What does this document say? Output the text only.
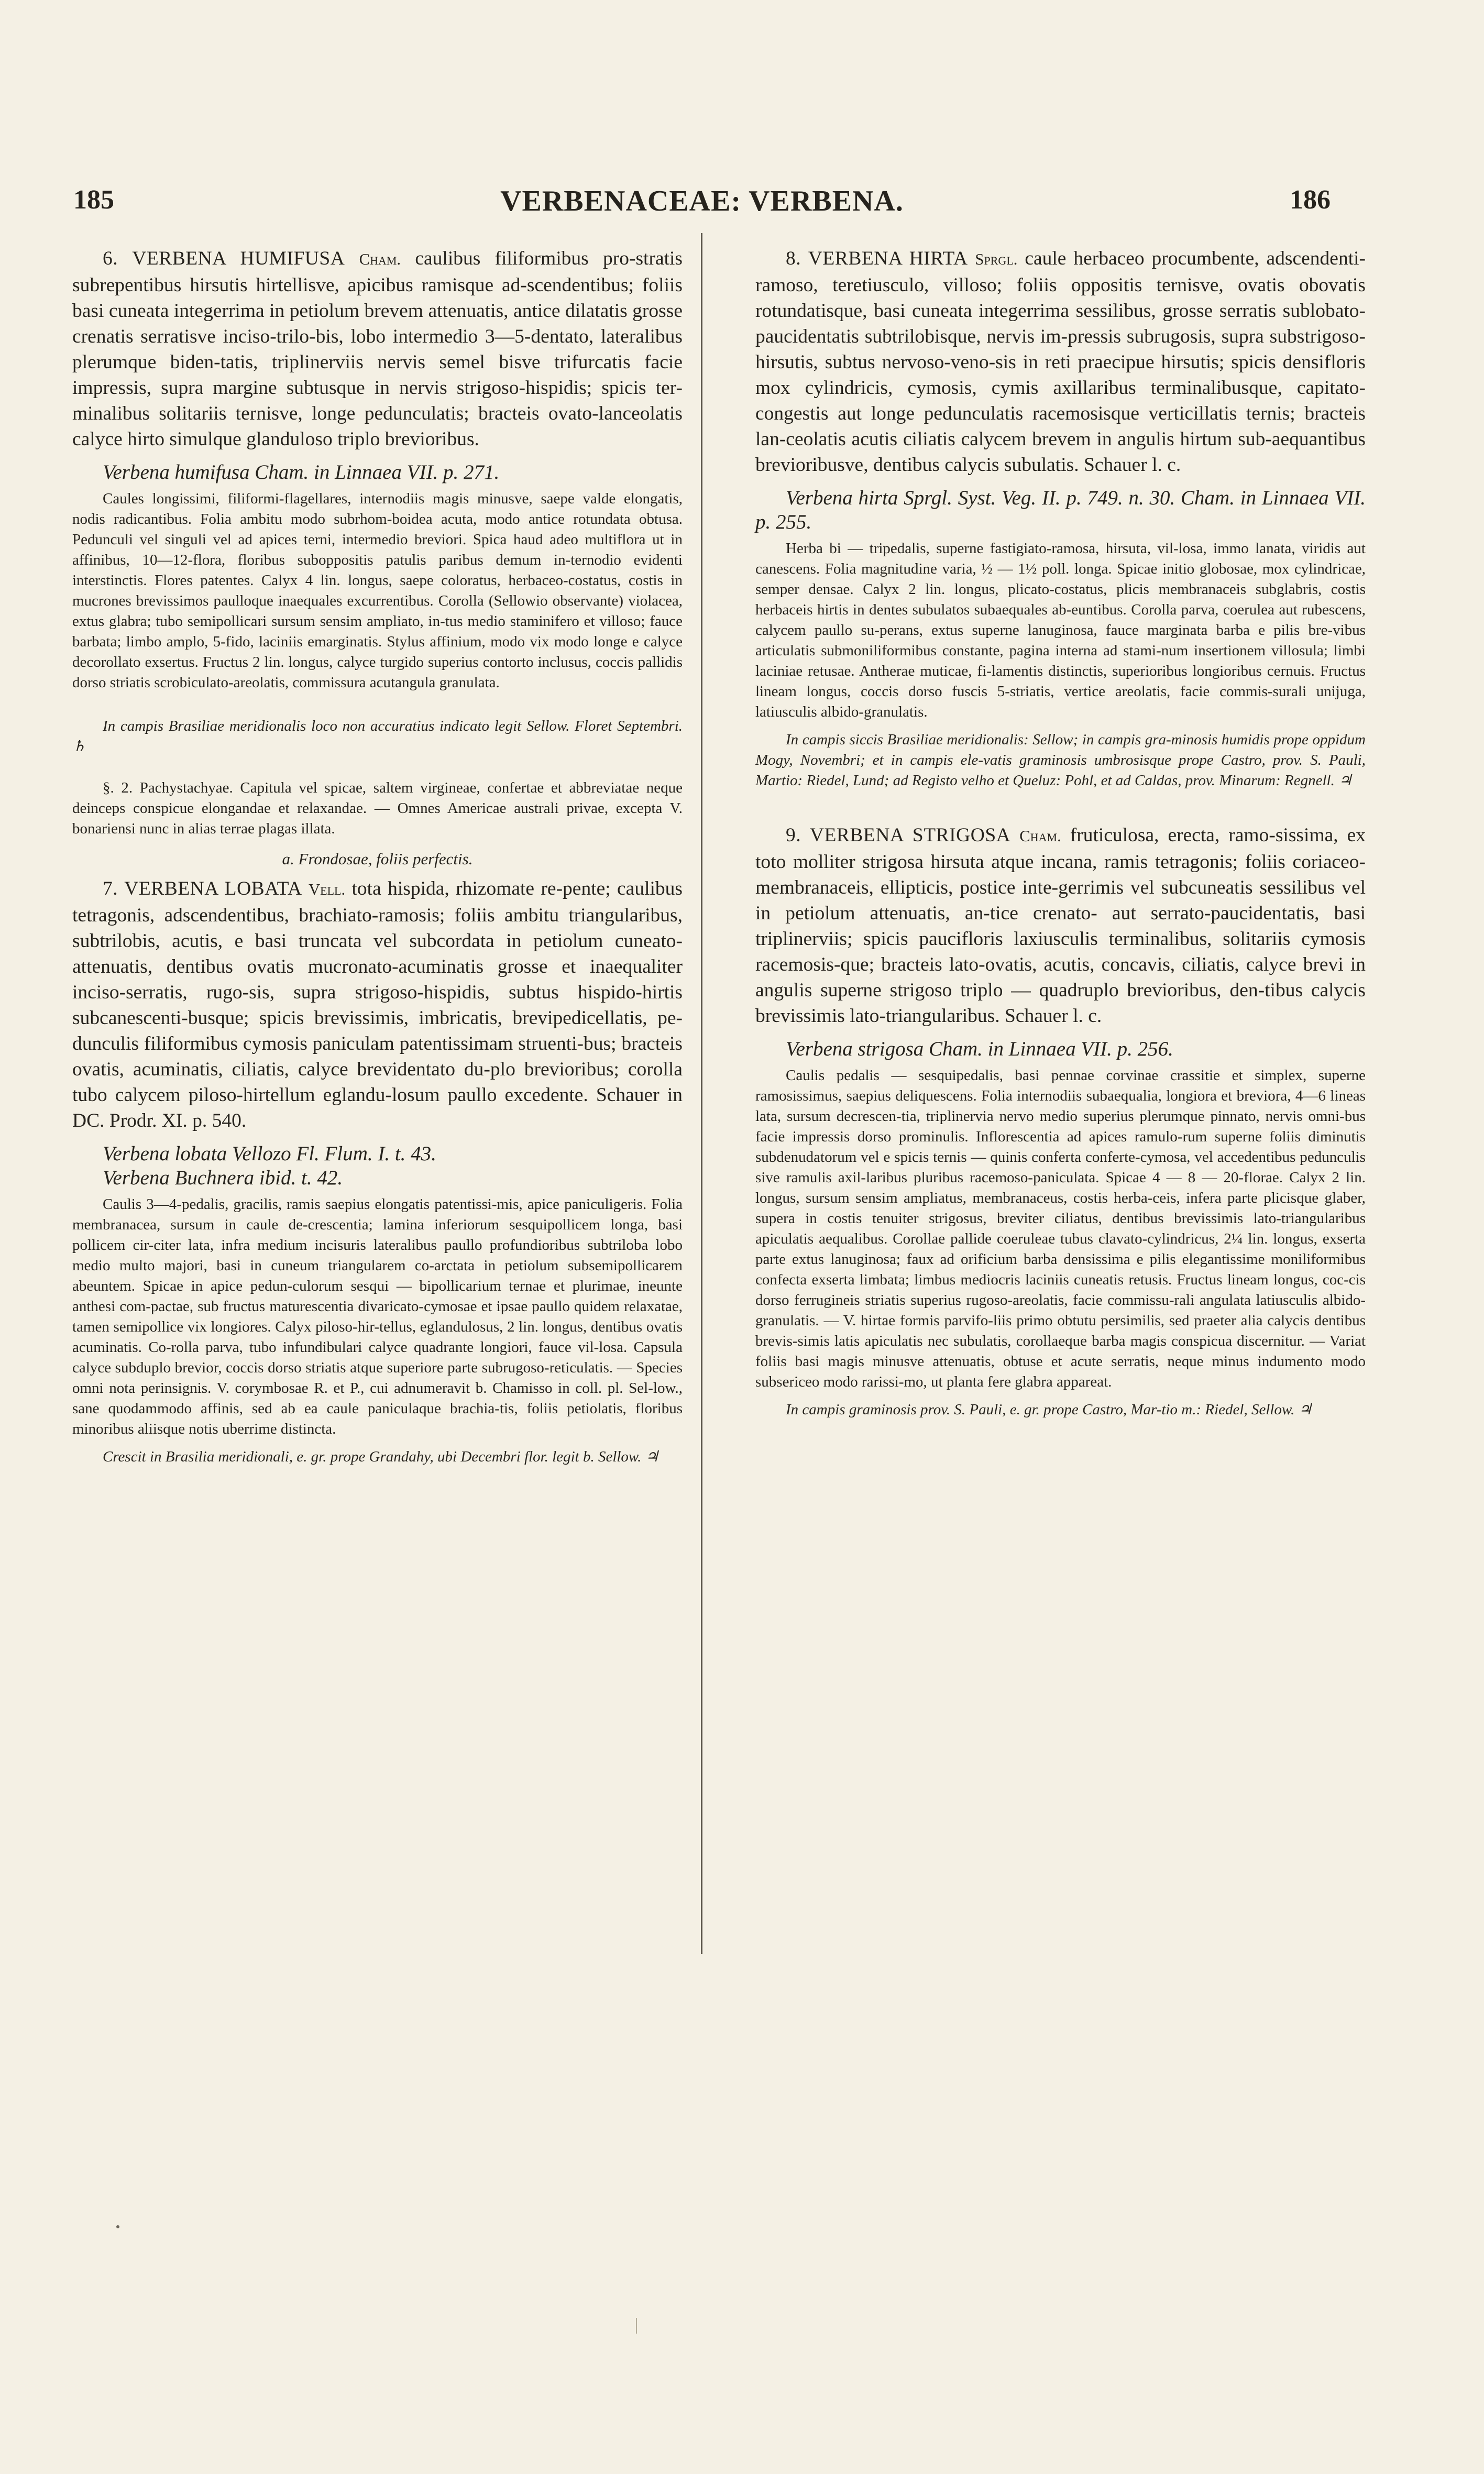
185	VERBENACEAE: VERBENA.	186

6. VERBENA HUMIFUSA Cham. caulibus filiformibus pro-stratis subrepentibus hirsutis hirtellisve, apicibus ramisque ad-scendentibus; foliis basi cuneata integerrima in petiolum brevem attenuatis, antice dilatatis grosse crenatis serratisve inciso-trilo-bis, lobo intermedio 3—5-dentato, lateralibus plerumque biden-tatis, triplinerviis nervis semel bisve trifurcatis facie impressis, supra margine subtusque in nervis strigoso-hispidis; spicis ter-minalibus solitariis ternisve, longe pedunculatis; bracteis ovato-lanceolatis calyce hirto simulque glanduloso triplo brevioribus.

Verbena humifusa Cham. in Linnaea VII. p. 271.

Caules longissimi, filiformi-flagellares, internodiis magis minusve, saepe valde elongatis, nodis radicantibus. Folia ambitu modo subrhom-boidea acuta, modo antice rotundata obtusa. Pedunculi vel singuli vel ad apices terni, intermedio breviori. Spica haud adeo multiflora ut in affinibus, 10—12-flora, floribus suboppositis patulis paribus demum in-ternodio evidenti interstinctis. Flores patentes. Calyx 4 lin. longus, saepe coloratus, herbaceo-costatus, costis in mucrones brevissimos paulloque inaequales excurrentibus. Corolla (Sellowio observante) violacea, extus glabra; tubo semipollicari sursum sensim ampliato, in-tus medio staminifero et villoso; fauce barbata; limbo amplo, 5-fido, laciniis emarginatis. Stylus affinium, modo vix modo longe e calyce decorollato exsertus. Fructus 2 lin. longus, calyce turgido superius contorto inclusus, coccis pallidis dorso striatis scrobiculato-areolatis, commissura acutangula granulata.

In campis Brasiliae meridionalis loco non accuratius indicato legit Sellow. Floret Septembri. ♄

§. 2. Pachystachyae. Capitula vel spicae, saltem virgineae, confertae et abbreviatae neque deinceps conspicue elongandae et relaxandae. — Omnes Americae australi privae, excepta V. bonariensi nunc in alias terrae plagas illata.

a. Frondosae, foliis perfectis.

7. VERBENA LOBATA Vell. tota hispida, rhizomate re-pente; caulibus tetragonis, adscendentibus, brachiato-ramosis; foliis ambitu triangularibus, subtrilobis, acutis, e basi truncata vel subcordata in petiolum cuneato-attenuatis, dentibus ovatis mucronato-acuminatis grosse et inaequaliter inciso-serratis, rugo-sis, supra strigoso-hispidis, subtus hispido-hirtis subcanescenti-busque; spicis brevissimis, imbricatis, brevipedicellatis, pe-dunculis filiformibus cymosis paniculam patentissimam struenti-bus; bracteis ovatis, acuminatis, ciliatis, calyce brevidentato du-plo brevioribus; corolla tubo calycem piloso-hirtellum eglandu-losum paullo excedente. Schauer in DC. Prodr. XI. p. 540.

Verbena lobata Vellozo Fl. Flum. I. t. 43.

Verbena Buchnera ibid. t. 42.

Caulis 3—4-pedalis, gracilis, ramis saepius elongatis patentissi-mis, apice paniculigeris. Folia membranacea, sursum in caule de-crescentia; lamina inferiorum sesquipollicem longa, basi pollicem cir-citer lata, infra medium incisuris lateralibus paullo profundioribus subtriloba lobo medio multo majori, basi in cuneum triangularem co-arctata in petiolum subsemipollicarem abeuntem. Spicae in apice pedun-culorum sesqui — bipollicarium ternae et plurimae, ineunte anthesi com-pactae, sub fructus maturescentia divaricato-cymosae et ipsae paullo quidem relaxatae, tamen semipollice vix longiores. Calyx piloso-hir-tellus, eglandulosus, 2 lin. longus, dentibus ovatis acuminatis. Co-rolla parva, tubo infundibulari calyce quadrante longiori, fauce vil-losa. Capsula calyce subduplo brevior, coccis dorso striatis atque superiore parte subrugoso-reticulatis. — Species omni nota perinsignis. V. corymbosae R. et P., cui adnumeravit b. Chamisso in coll. pl. Sel-low., sane quodammodo affinis, sed ab ea caule paniculaque brachia-tis, foliis petiolatis, floribus minoribus aliisque notis uberrime distincta.

Crescit in Brasilia meridionali, e. gr. prope Grandahy, ubi Decembri flor. legit b. Sellow. ♃

8. VERBENA HIRTA Sprgl. caule herbaceo procumbente, adscendenti-ramoso, teretiusculo, villoso; foliis oppositis ternisve, ovatis obovatis rotundatisque, basi cuneata integerrima sessilibus, grosse serratis sublobato-paucidentatis subtrilobisque, nervis im-pressis subrugosis, supra substrigoso-hirsutis, subtus nervoso-veno-sis in reti praecipue hirsutis; spicis densifloris mox cylindricis, cymosis, cymis axillaribus terminalibusque, capitato-congestis aut longe pedunculatis racemosisque verticillatis ternis; bracteis lan-ceolatis acutis ciliatis calycem brevem in angulis hirtum sub-aequantibus brevioribusve, dentibus calycis subulatis. Schauer l. c.

Verbena hirta Sprgl. Syst. Veg. II. p. 749. n. 30. Cham. in Linnaea VII. p. 255.

Herba bi — tripedalis, superne fastigiato-ramosa, hirsuta, vil-losa, immo lanata, viridis aut canescens. Folia magnitudine varia, ½ — 1½ poll. longa. Spicae initio globosae, mox cylindricae, semper densae. Calyx 2 lin. longus, plicato-costatus, plicis membranaceis subglabris, costis herbaceis hirtis in dentes subulatos subaequales ab-euntibus. Corolla parva, coerulea aut rubescens, calycem paullo su-perans, extus superne lanuginosa, fauce marginata barba e pilis bre-vibus articulatis submoniliformibus constante, pagina interna ad stami-num insertionem villosula; limbi laciniae retusae. Antherae muticae, fi-lamentis distinctis, superioribus longioribus cernuis. Fructus lineam longus, coccis dorso fuscis 5-striatis, vertice areolatis, facie commis-surali unijuga, latiusculis albido-granulatis.

In campis siccis Brasiliae meridionalis: Sellow; in campis gra-minosis humidis prope oppidum Mogy, Novembri; et in campis ele-vatis graminosis umbrosisque prope Castro, prov. S. Pauli, Martio: Riedel, Lund; ad Registo velho et Queluz: Pohl, et ad Caldas, prov. Minarum: Regnell. ♃

9. VERBENA STRIGOSA Cham. fruticulosa, erecta, ramo-sissima, ex toto molliter strigosa hirsuta atque incana, ramis tetragonis; foliis coriaceo-membranaceis, ellipticis, postice inte-gerrimis vel subcuneatis sessilibus vel in petiolum attenuatis, an-tice crenato- aut serrato-paucidentatis, basi triplinerviis; spicis paucifloris laxiusculis terminalibus, solitariis cymosis racemosis-que; bracteis lato-ovatis, acutis, concavis, ciliatis, calyce brevi in angulis superne strigoso triplo — quadruplo brevioribus, den-tibus calycis brevissimis lato-triangularibus. Schauer l. c.

Verbena strigosa Cham. in Linnaea VII. p. 256.

Caulis pedalis — sesquipedalis, basi pennae corvinae crassitie et simplex, superne ramosissimus, saepius deliquescens. Folia internodiis subaequalia, longiora et breviora, 4—6 lineas lata, sursum decrescen-tia, triplinervia nervo medio superius plerumque pinnato, nervis omni-bus facie impressis dorso prominulis. Inflorescentia ad apices ramulo-rum superne foliis diminutis subdenudatorum vel e spicis ternis — quinis conferta conferte-cymosa, vel accedentibus pedunculis sive ramulis axil-laribus pluribus racemoso-paniculata. Spicae 4 — 8 — 20-florae. Calyx 2 lin. longus, sursum sensim ampliatus, membranaceus, costis herba-ceis, infera parte plicisque glaber, supera in costis tenuiter strigosus, breviter ciliatus, dentibus brevissimis lato-triangularibus apiculatis aequalibus. Corollae pallide coeruleae tubus clavato-cylindricus, 2¼ lin. longus, exserta parte extus lanuginosa; faux ad orificium barba densissima e pilis elegantissime moniliformibus confecta exserta limbata; limbus mediocris laciniis cuneatis retusis. Fructus lineam longus, coc-cis dorso ferrugineis striatis superius rugoso-areolatis, facie commissu-rali angulata latiusculis albido-granulatis. — V. hirtae formis parvifo-liis primo obtutu persimilis, sed praeter alia calycis dentibus brevis-simis latis apiculatis nec subulatis, corollaeque barba magis conspicua discernitur. — Variat foliis basi magis minusve attenuatis, obtuse et acute serratis, neque minus indumento modo subsericeo modo rarissi-mo, ut planta fere glabra appareat.

In campis graminosis prov. S. Pauli, e. gr. prope Castro, Mar-tio m.: Riedel, Sellow. ♃
